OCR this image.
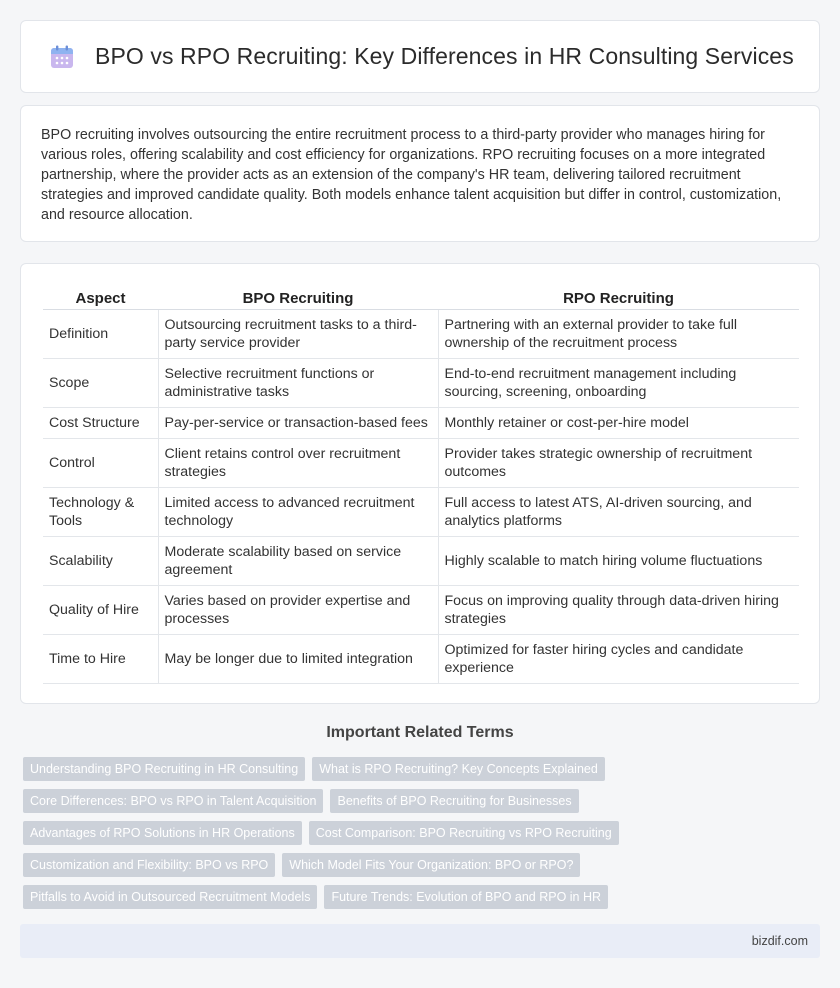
BPO vs RPO Recruiting: Key Differences in HR Consulting Services

BPO recruiting involves outsourcing the entire recruitment process to a third-party provider who manages hiring for various roles, offering scalability and cost efficiency for organizations. RPO recruiting focuses on a more integrated partnership, where the provider acts as an extension of the company's HR team, delivering tailored recruitment strategies and improved candidate quality. Both models enhance talent acquisition but differ in control, customization, and resource allocation.

Aspect	BPO Recruiting	RPO Recruiting
Definition	Outsourcing recruitment tasks to a third-party service provider	Partnering with an external provider to take full ownership of the recruitment process
Scope	Selective recruitment functions or administrative tasks	End-to-end recruitment management including sourcing, screening, onboarding
Cost Structure	Pay-per-service or transaction-based fees	Monthly retainer or cost-per-hire model
Control	Client retains control over recruitment strategies	Provider takes strategic ownership of recruitment outcomes
Technology & Tools	Limited access to advanced recruitment technology	Full access to latest ATS, AI-driven sourcing, and analytics platforms
Scalability	Moderate scalability based on service agreement	Highly scalable to match hiring volume fluctuations
Quality of Hire	Varies based on provider expertise and processes	Focus on improving quality through data-driven hiring strategies
Time to Hire	May be longer due to limited integration	Optimized for faster hiring cycles and candidate experience
Important Related Terms
Understanding BPO Recruiting in HR Consulting	What is RPO Recruiting? Key Concepts Explained
Core Differences: BPO vs RPO in Talent Acquisition	Benefits of BPO Recruiting for Businesses
Advantages of RPO Solutions in HR Operations	Cost Comparison: BPO Recruiting vs RPO Recruiting
Customization and Flexibility: BPO vs RPO	Which Model Fits Your Organization: BPO or RPO?
Pitfalls to Avoid in Outsourced Recruitment Models	Future Trends: Evolution of BPO and RPO in HR
bizdif.com
